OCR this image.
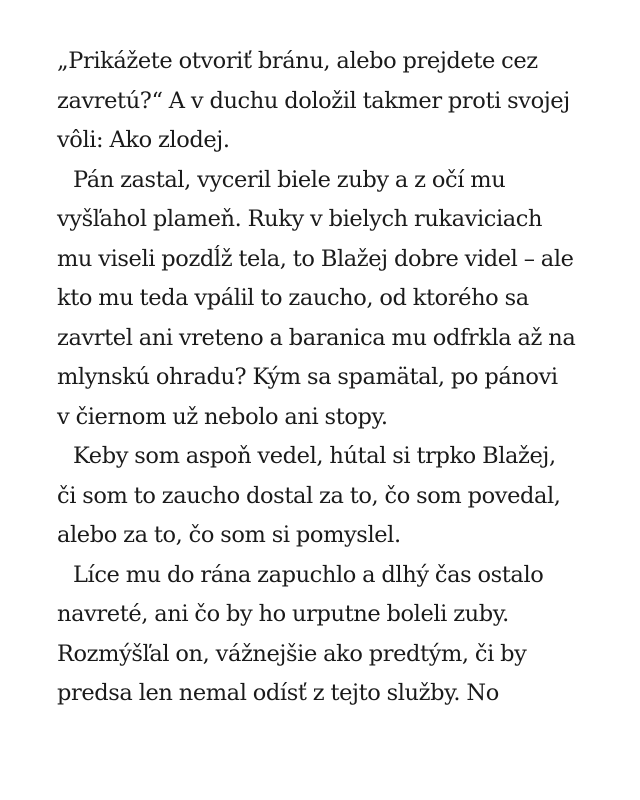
„Prikážete otvoriť bránu, alebo prejdete cez
zavretú?“ A v duchu doložil takmer proti svojej
vôli: Ako zlodej.
Pán zastal, vyceril biele zuby a z očí mu
vyšľahol plameň. Ruky v bielych rukaviciach
mu viseli pozdĺž tela, to Blažej dobre videl – ale
kto mu teda vpálil to zaucho, od ktorého sa
zavrtel ani vreteno a baranica mu odfrkla až na
mlynskú ohradu? Kým sa spamätal, po pánovi
v čiernom už nebolo ani stopy.
Keby som aspoň vedel, hútal si trpko Blažej,
či som to zaucho dostal za to, čo som povedal,
alebo za to, čo som si pomyslel.
Líce mu do rána zapuchlo a dlhý čas ostalo
navreté, ani čo by ho urputne boleli zuby.
Rozmýšľal on, vážnejšie ako predtým, či by
predsa len nemal odísť z tejto služby. No
